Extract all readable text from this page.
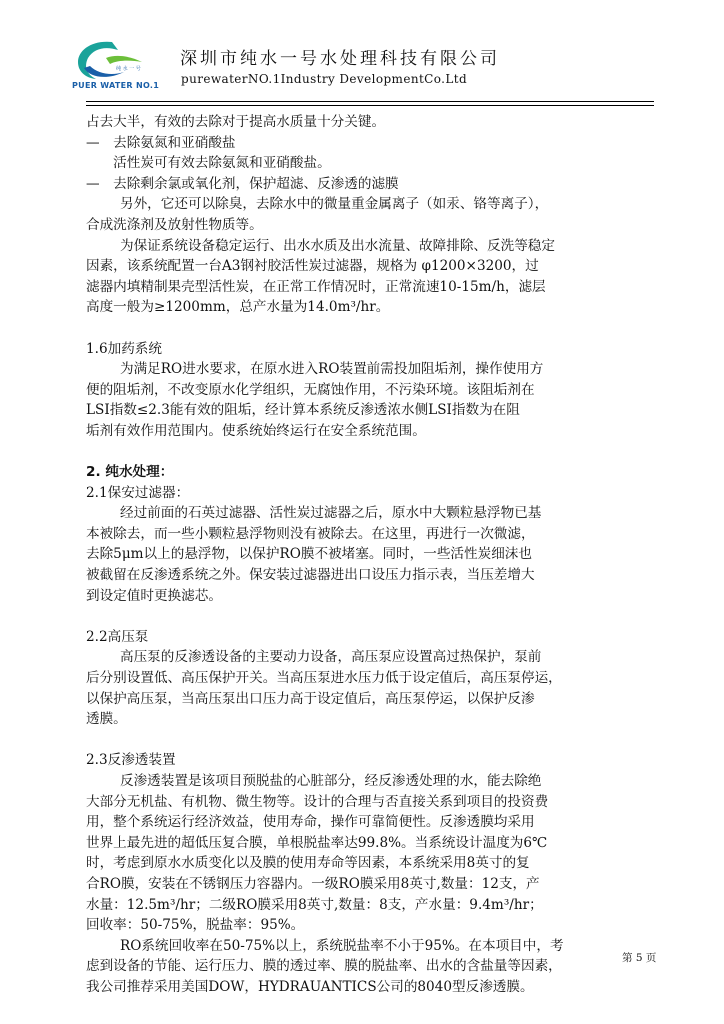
纯 水 一 号
PUER WATER NO.1
深圳市纯水一号水处理科技有限公司
purewaterNO.1Industry DevelopmentCo.Ltd

占去大半，有效的去除对于提高水质量十分关键。

—　去除氨氮和亚硝酸盐

　　活性炭可有效去除氨氮和亚硝酸盐。

—　去除剩余氯或氧化剂，保护超滤、反渗透的滤膜

另外，它还可以除臭，去除水中的微量重金属离子（如汞、铬等离子），

合成洗涤剂及放射性物质等。

为保证系统设备稳定运行、出水水质及出水流量、故障排除、反洗等稳定

因素，该系统配置一台A3钢衬胶活性炭过滤器，规格为 φ1200×3200，过

滤器内填精制果壳型活性炭，在正常工作情况时，正常流速10-15m/h，滤层

高度一般为≥1200mm，总产水量为14.0m³/hr。

1.6加药系统

为满足RO进水要求，在原水进入RO装置前需投加阻垢剂，操作使用方

便的阻垢剂，不改变原水化学组织，无腐蚀作用，不污染环境。该阻垢剂在

LSI指数≤2.3能有效的阻垢，经计算本系统反渗透浓水侧LSI指数为在阻

垢剂有效作用范围内。使系统始终运行在安全系统范围。

2. 纯水处理：

2.1保安过滤器：

经过前面的石英过滤器、活性炭过滤器之后，原水中大颗粒悬浮物已基

本被除去，而一些小颗粒悬浮物则没有被除去。在这里，再进行一次微滤，

去除5μm以上的悬浮物，以保护RO膜不被堵塞。同时，一些活性炭细沫也

被截留在反渗透系统之外。保安装过滤器进出口设压力指示表，当压差增大

到设定值时更换滤芯。

2.2高压泵

高压泵的反渗透设备的主要动力设备，高压泵应设置高过热保护，泵前

后分别设置低、高压保护开关。当高压泵进水压力低于设定值后，高压泵停运，

以保护高压泵，当高压泵出口压力高于设定值后，高压泵停运，以保护反渗

透膜。

2.3反渗透装置

反渗透装置是该项目预脱盐的心脏部分，经反渗透处理的水，能去除绝

大部分无机盐、有机物、微生物等。设计的合理与否直接关系到项目的投资费

用，整个系统运行经济效益，使用寿命，操作可靠简便性。反渗透膜均采用

世界上最先进的超低压复合膜，单根脱盐率达99.8%。当系统设计温度为6℃

时，考虑到原水水质变化以及膜的使用寿命等因素，本系统采用8英寸的复

合RO膜，安装在不锈钢压力容器内。一级RO膜采用8英寸,数量：12支，产

水量：12.5m³/hr；二级RO膜采用8英寸,数量：8支，产水量：9.4m³/hr；

回收率：50-75%，脱盐率：95%。

RO系统回收率在50-75%以上，系统脱盐率不小于95%。在本项目中，考

虑到设备的节能、运行压力、膜的透过率、膜的脱盐率、出水的含盐量等因素，

我公司推荐采用美国DOW，HYDRAUANTICS公司的8040型反渗透膜。

第 5 页
